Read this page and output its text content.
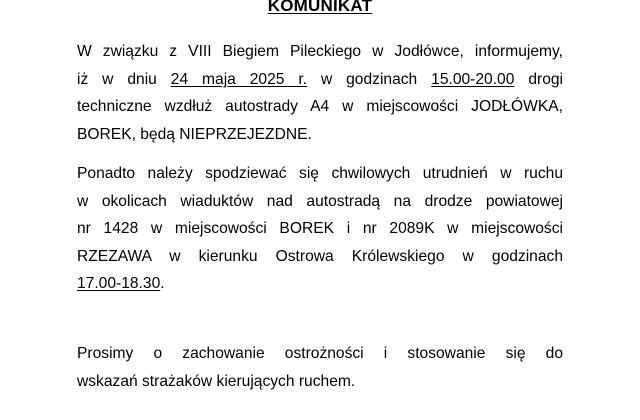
KOMUNIKAT
W związku z VIII Biegiem Pileckiego w Jodłówce, informujemy,
iż w dniu 24 maja 2025 r. w godzinach 15.00-20.00 drogi
techniczne wzdłuż autostrady A4 w miejscowości JODŁÓWKA,
BOREK, będą NIEPRZEJEZDNE.
Ponadto należy spodziewać się chwilowych utrudnień w ruchu
w okolicach wiaduktów nad autostradą na drodze powiatowej
nr 1428 w miejscowości BOREK i nr 2089K w miejscowości
RZEZAWA w kierunku Ostrowa Królewskiego w godzinach
17.00-18.30.
Prosimy o zachowanie ostrożności i stosowanie się do
wskazań strażaków kierujących ruchem.
